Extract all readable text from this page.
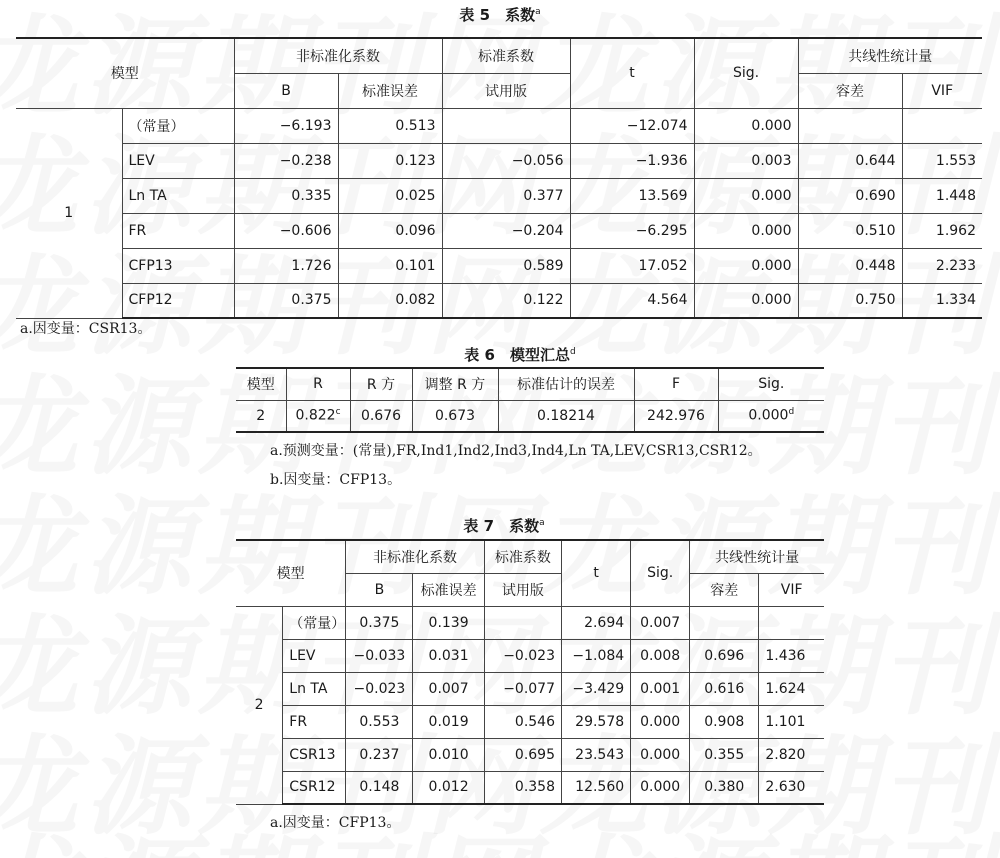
表 5　系数$^a$
模型		非标准化系数		标准系数	t	Sig.	共线性统计量	
		B	标准误差	试用版			容差	VIF
1	（常量）	−6.193	0.513		−12.074	0.000		
	LEV	−0.238	0.123	−0.056	−1.936	0.003	0.644	1.553
	Ln TA	0.335	0.025	0.377	13.569	0.000	0.690	1.448
	FR	−0.606	0.096	−0.204	−6.295	0.000	0.510	1.962
	CFP13	1.726	0.101	0.589	17.052	0.000	0.448	2.233
	CFP12	0.375	0.082	0.122	4.564	0.000	0.750	1.334
a.因变量：CSR13。
表 6　模型汇总$^d$
模型	R	R 方	调整 R 方	标准估计的误差	F	Sig.
2	0.822$^c$	0.676	0.673	0.18214	242.976	0.000$^d$
a.预测变量：(常量),FR,Ind1,Ind2,Ind3,Ind4,Ln TA,LEV,CSR13,CSR12。
b.因变量：CFP13。
表 7　系数$^a$
模型		非标准化系数		标准系数	t	Sig.	共线性统计量	
		B	标准误差	试用版			容差	VIF
2	（常量）	0.375	0.139		2.694	0.007		
	LEV	−0.033	0.031	−0.023	−1.084	0.008	0.696	1.436
	Ln TA	−0.023	0.007	−0.077	−3.429	0.001	0.616	1.624
	FR	0.553	0.019	0.546	29.578	0.000	0.908	1.101
	CSR13	0.237	0.010	0.695	23.543	0.000	0.355	2.820
	CSR12	0.148	0.012	0.358	12.560	0.000	0.380	2.630
a.因变量：CFP13。
